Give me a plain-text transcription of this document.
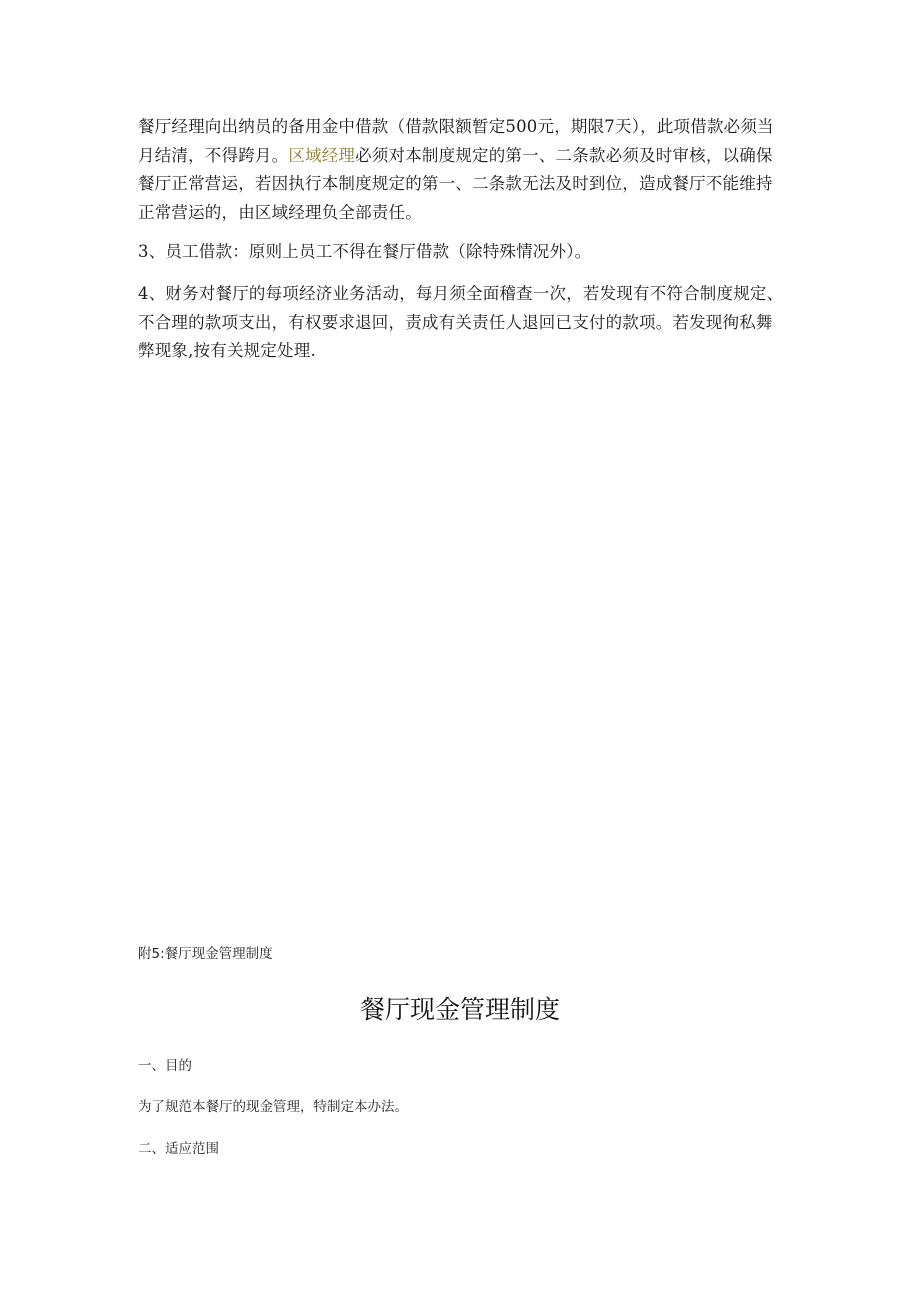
餐厅经理向出纳员的备用金中借款（借款限额暂定500元，期限7天），此项借款必须当月结清，不得跨月。区域经理必须对本制度规定的第一、二条款必须及时审核，以确保餐厅正常营运，若因执行本制度规定的第一、二条款无法及时到位，造成餐厅不能维持正常营运的，由区域经理负全部责任。

3、员工借款：原则上员工不得在餐厅借款（除特殊情况外）。

4、财务对餐厅的每项经济业务活动，每月须全面稽查一次，若发现有不符合制度规定、不合理的款项支出，有权要求退回，责成有关责任人退回已支付的款项。若发现徇私舞弊现象,按有关规定处理.

附5:餐厅现金管理制度

餐厅现金管理制度

一、目的

为了规范本餐厅的现金管理，特制定本办法。

二、适应范围
